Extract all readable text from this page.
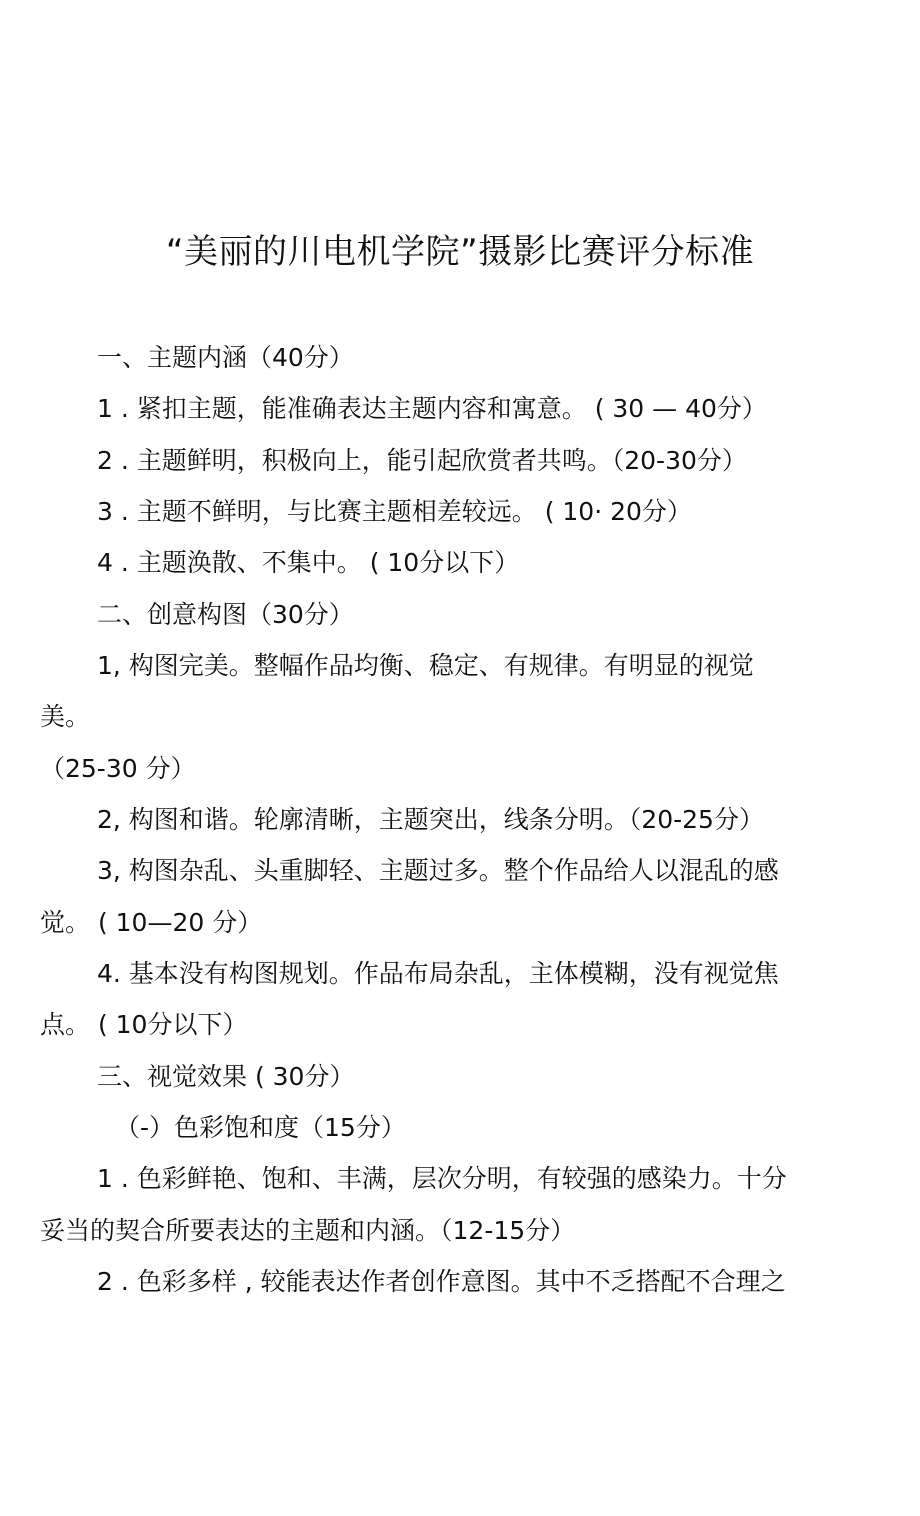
“美丽的川电机学院”摄影比赛评分标准
一、主题内涵（40分）
1 . 紧扣主题，能准确表达主题内容和寓意。 ( 30 — 40分）
2 . 主题鲜明，积极向上，能引起欣赏者共鸣。（20-30分）
3 . 主题不鲜明，与比赛主题相差较远。 ( 10· 20分）
4 . 主题涣散、不集中。 ( 10分以下）
二、创意构图（30分）
1, 构图完美。整幅作品均衡、稳定、有规律。有明显的视觉
美。
（25-30 分）
2, 构图和谐。轮廓清晰，主题突出，线条分明。（20-25分）
3, 构图杂乱、头重脚轻、主题过多。整个作品给人以混乱的感
觉。 ( 10—20 分）
4. 基本没有构图规划。作品布局杂乱，主体模糊，没有视觉焦
点。 ( 10分以下）
三、视觉效果 ( 30分）
（-）色彩饱和度（15分）
1 . 色彩鲜艳、饱和、丰满，层次分明，有较强的感染力。十分
妥当的契合所要表达的主题和内涵。（12-15分）
2 . 色彩多样 , 较能表达作者创作意图。其中不乏搭配不合理之
